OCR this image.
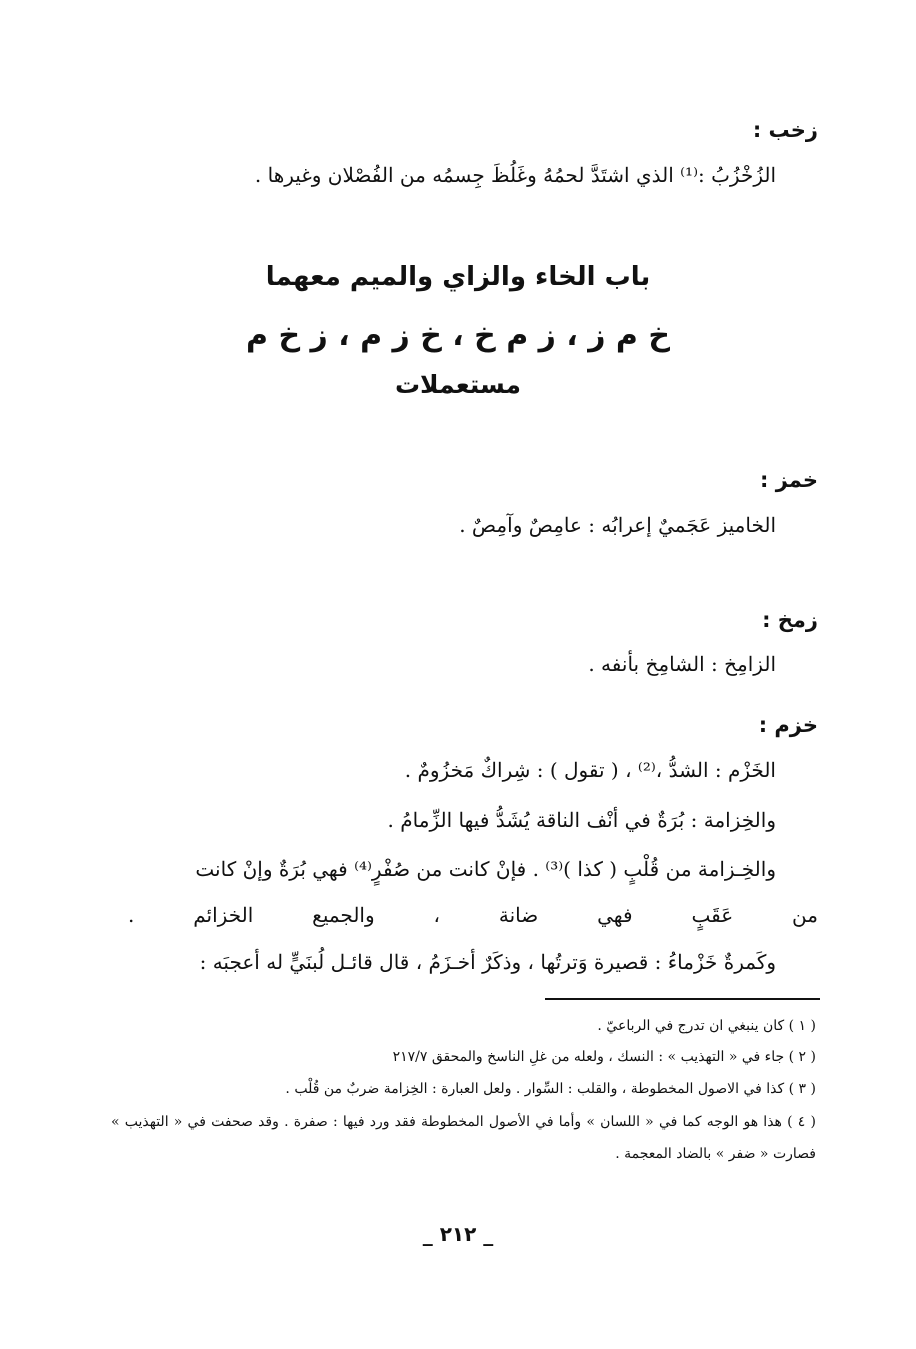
زخب :
الزُخْزُبُ :⁽¹⁾ الذي اشتَدَّ لحمُهُ وغَلُظَ جِسمُه من الفُصْلان وغيرها .
باب الخاء والزاي والميم معهما
خ م ز ، ز م خ ، خ ز م ، ز خ م
مستعملات
خمز :
الخاميز عَجَميٌ إعرابُه : عامِصٌ وآمِصٌ .
زمخ :
الزامِخ : الشامِخ بأنفه .
خزم :
الخَزْم : الشدُّ ،⁽²⁾ ، ( تقول ) : شِراكٌ مَخزُومٌ .
والخِزامة : بُرَةٌ في أنْف الناقة يُشَدُّ فيها الزِّمامُ .
والخِـزامة من قُلْبٍ ( كذا )⁽³⁾ . فإنْ كانت من صُفْرٍ⁽⁴⁾ فهي بُرَةٌ وإنْ كانت
من عَقَبٍ فهي ضانة ، والجميع الخزائم .
وكَمرةٌ خَزْماءُ : قصيرة وَترتُها ، وذكَرٌ أخـزَمُ ، قال قائـل لُبنَيٍّ له أعجبَه :
( ١ ) كان ينبغي ان تدرج في الرباعيّ .
( ٢ ) جاء في « التهذيب » : النسك ، ولعله من غلِ الناسخ والمحقق ٢١٧/٧
( ٣ ) كذا في الاصول المخطوطة ، والقلب : السِّوار . ولعل العبارة : الخِزامة ضربٌ من قُلْب .
( ٤ ) هذا هو الوجه كما في « اللسان » وأما في الأصول المخطوطة فقد ورد فيها : صفرة . وقد صحفت في « التهذيب »
فصارت « ضفر » بالضاد المعجمة .
_ ٢١٢ _
